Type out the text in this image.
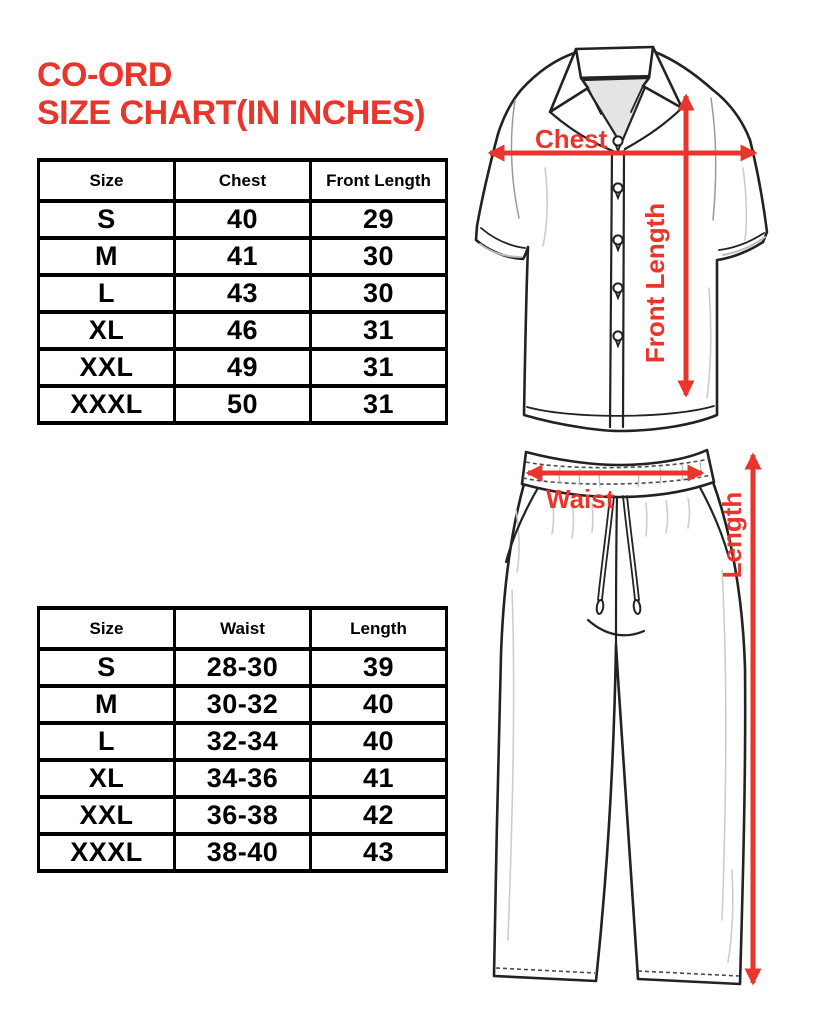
CO-ORD
SIZE CHART(IN INCHES)
Size	Chest	Front Length
S	40	29
M	41	30
L	43	30
XL	46	31
XXL	49	31
XXXL	50	31
Size	Waist	Length
S	28-30	39
M	30-32	40
L	32-34	40
XL	34-36	41
XXL	36-38	42
XXXL	38-40	43
Chest
Front Length
Waist	Length
